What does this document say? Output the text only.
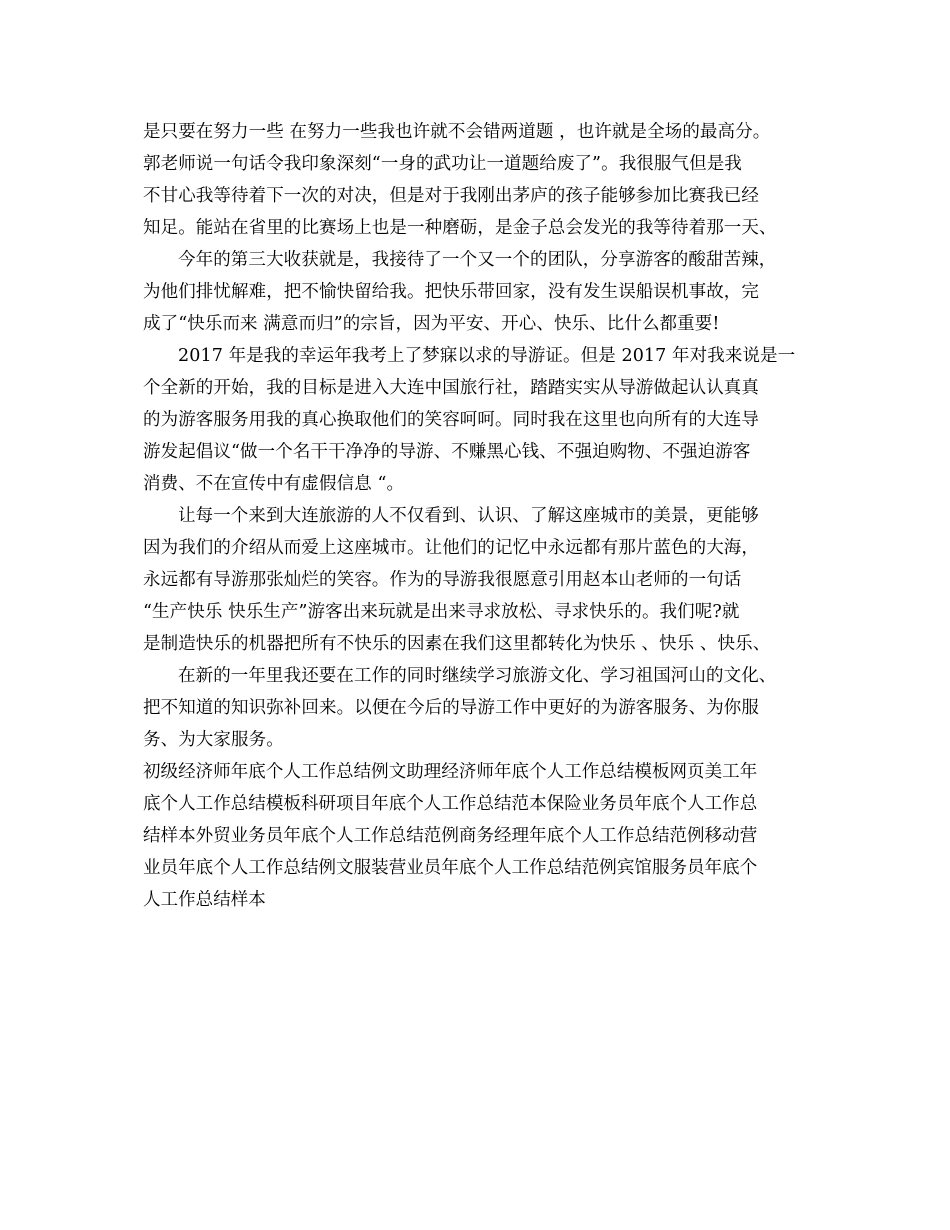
是只要在努力一些 在努力一些我也许就不会错两道题 ，也许就是全场的最高分。
郭老师说一句话令我印象深刻“一身的武功让一道题给废了”。我很服气但是我
不甘心我等待着下一次的对决，但是对于我刚出茅庐的孩子能够参加比赛我已经
知足。能站在省里的比赛场上也是一种磨砺，是金子总会发光的我等待着那一天、
今年的第三大收获就是，我接待了一个又一个的团队，分享游客的酸甜苦辣，
为他们排忧解难，把不愉快留给我。把快乐带回家，没有发生误船误机事故，完
成了“快乐而来 满意而归”的宗旨，因为平安、开心、快乐、比什么都重要!
2017 年是我的幸运年我考上了梦寐以求的导游证。但是 2017 年对我来说是一
个全新的开始，我的目标是进入大连中国旅行社，踏踏实实从导游做起认认真真
的为游客服务用我的真心换取他们的笑容呵呵。同时我在这里也向所有的大连导
游发起倡议“做一个名干干净净的导游、不赚黑心钱、不强迫购物、不强迫游客
消费、不在宣传中有虚假信息 “。
让每一个来到大连旅游的人不仅看到、认识、了解这座城市的美景，更能够
因为我们的介绍从而爱上这座城市。让他们的记忆中永远都有那片蓝色的大海，
永远都有导游那张灿烂的笑容。作为的导游我很愿意引用赵本山老师的一句话
“生产快乐 快乐生产”游客出来玩就是出来寻求放松、寻求快乐的。我们呢?就
是制造快乐的机器把所有不快乐的因素在我们这里都转化为快乐 、快乐 、快乐、
在新的一年里我还要在工作的同时继续学习旅游文化、学习祖国河山的文化、
把不知道的知识弥补回来。以便在今后的导游工作中更好的为游客服务、为你服
务、为大家服务。
初级经济师年底个人工作总结例文助理经济师年底个人工作总结模板网页美工年
底个人工作总结模板科研项目年底个人工作总结范本保险业务员年底个人工作总
结样本外贸业务员年底个人工作总结范例商务经理年底个人工作总结范例移动营
业员年底个人工作总结例文服装营业员年底个人工作总结范例宾馆服务员年底个
人工作总结样本
